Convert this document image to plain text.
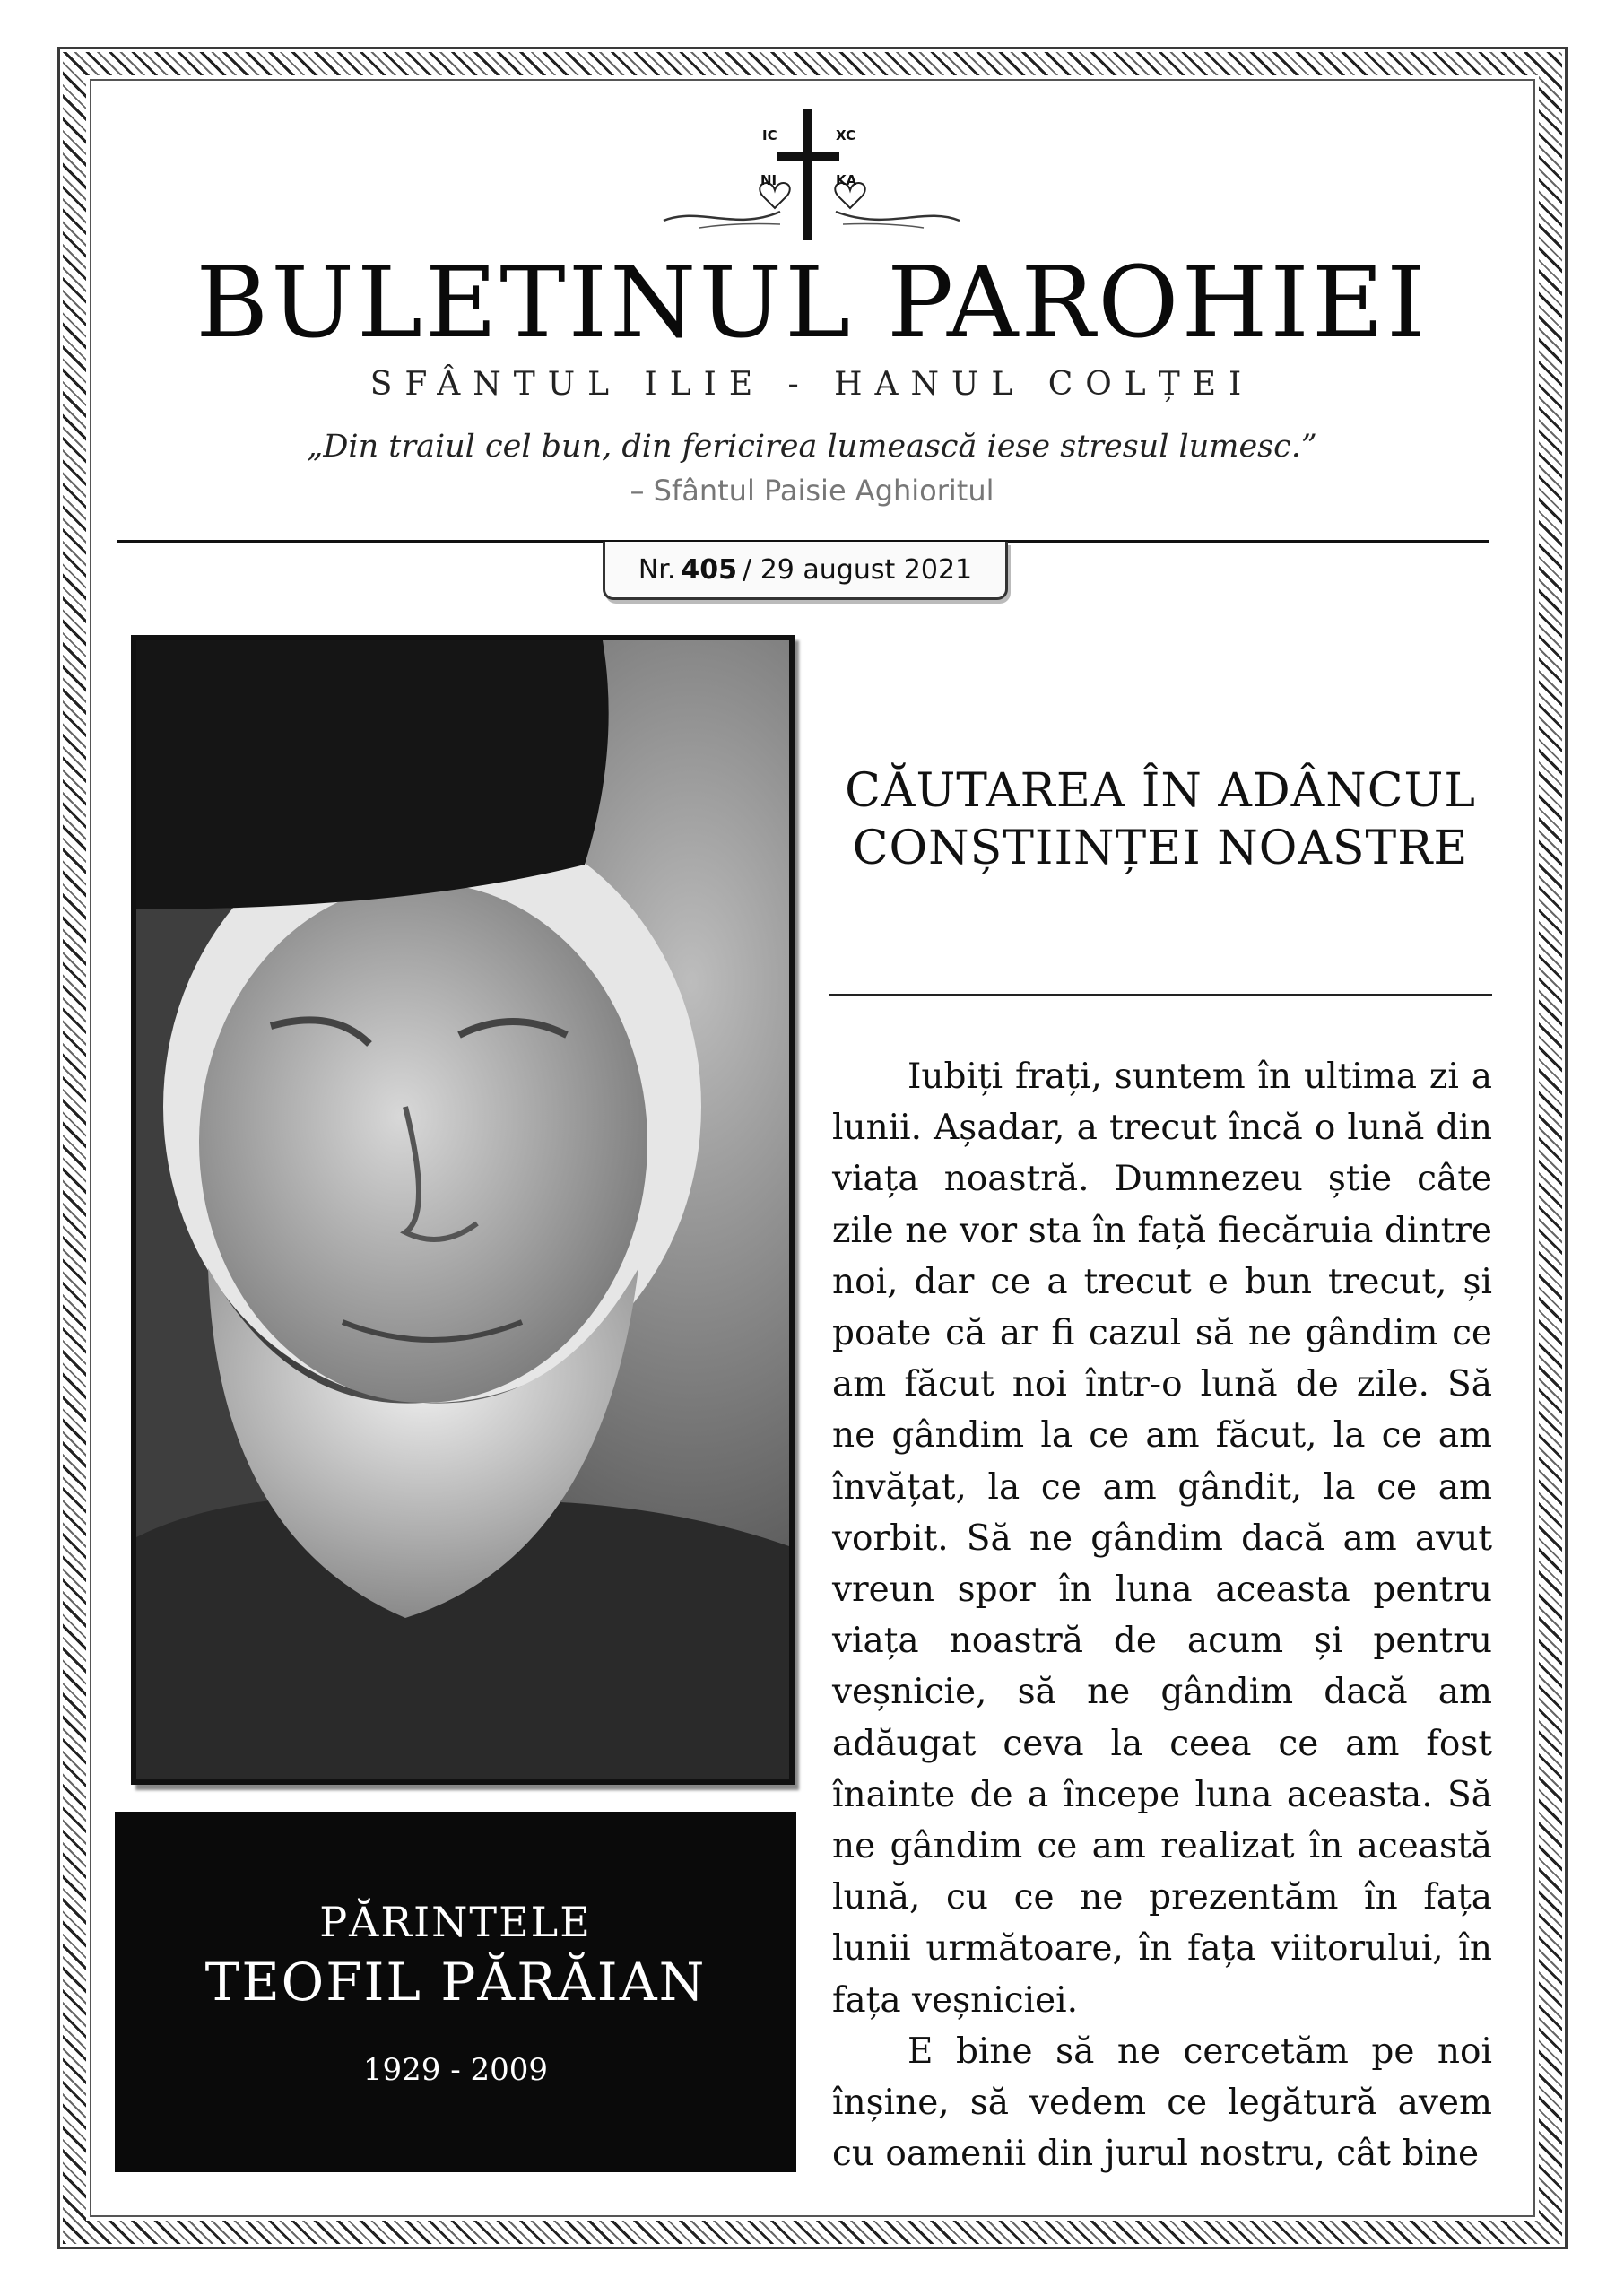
IC	XC
NI	KA
BULETINUL PAROHIEI
SFÂNTUL ILIE - HANUL COLȚEI
„Din traiul cel bun, din fericirea lumească iese stresul lumesc.”
– Sfântul Paisie Aghioritul
Nr. 405 / 29 august 2021
PĂRINTELE
TEOFIL PĂRĂIAN
1929 - 2009
CĂUTAREA ÎN ADÂNCUL
CONȘTIINȚEI NOASTRE

Iubiți frați, suntem în ultima zi a lunii. Așadar, a trecut încă o lună din viața noastră. Dumnezeu știe câte zile ne vor sta în față fiecăruia dintre noi, dar ce a trecut e bun trecut, și poate că ar fi cazul să ne gândim ce am făcut noi într-o lună de zile. Să ne gândim la ce am făcut, la ce am învățat, la ce am gândit, la ce am vorbit. Să ne gândim dacă am avut vreun spor în luna aceasta pentru viața noastră de acum și pentru veșnicie, să ne gândim dacă am adăugat ceva la ceea ce am fost înainte de a începe luna aceasta. Să ne gândim ce am realizat în această lună, cu ce ne prezentăm în fața lunii următoare, în fața viitorului, în fața veșniciei.

E bine să ne cercetăm pe noi înșine, să vedem ce legătură avem cu oamenii din jurul nostru, cât bine
